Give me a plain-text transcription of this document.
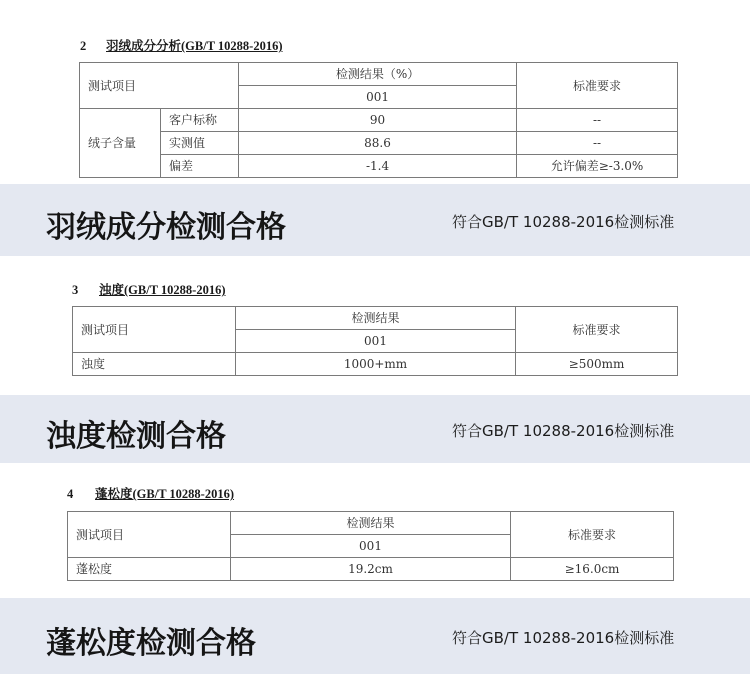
2 羽绒成分分析(GB/T 10288-2016)
测试项目		检测结果（%）	标准要求
		001	
绒子含量	客户标称	90	--
	实测值	88.6	--
	偏差	-1.4	允许偏差≥-3.0%
羽绒成分检测合格	符合GB/T 10288-2016检测标准
3 浊度(GB/T 10288-2016)
测试项目	检测结果	标准要求
	001	
浊度	1000+mm	≥500mm
浊度检测合格	符合GB/T 10288-2016检测标准
4 蓬松度(GB/T 10288-2016)
测试项目	检测结果	标准要求
	001	
蓬松度	19.2cm	≥16.0cm
蓬松度检测合格	符合GB/T 10288-2016检测标准
